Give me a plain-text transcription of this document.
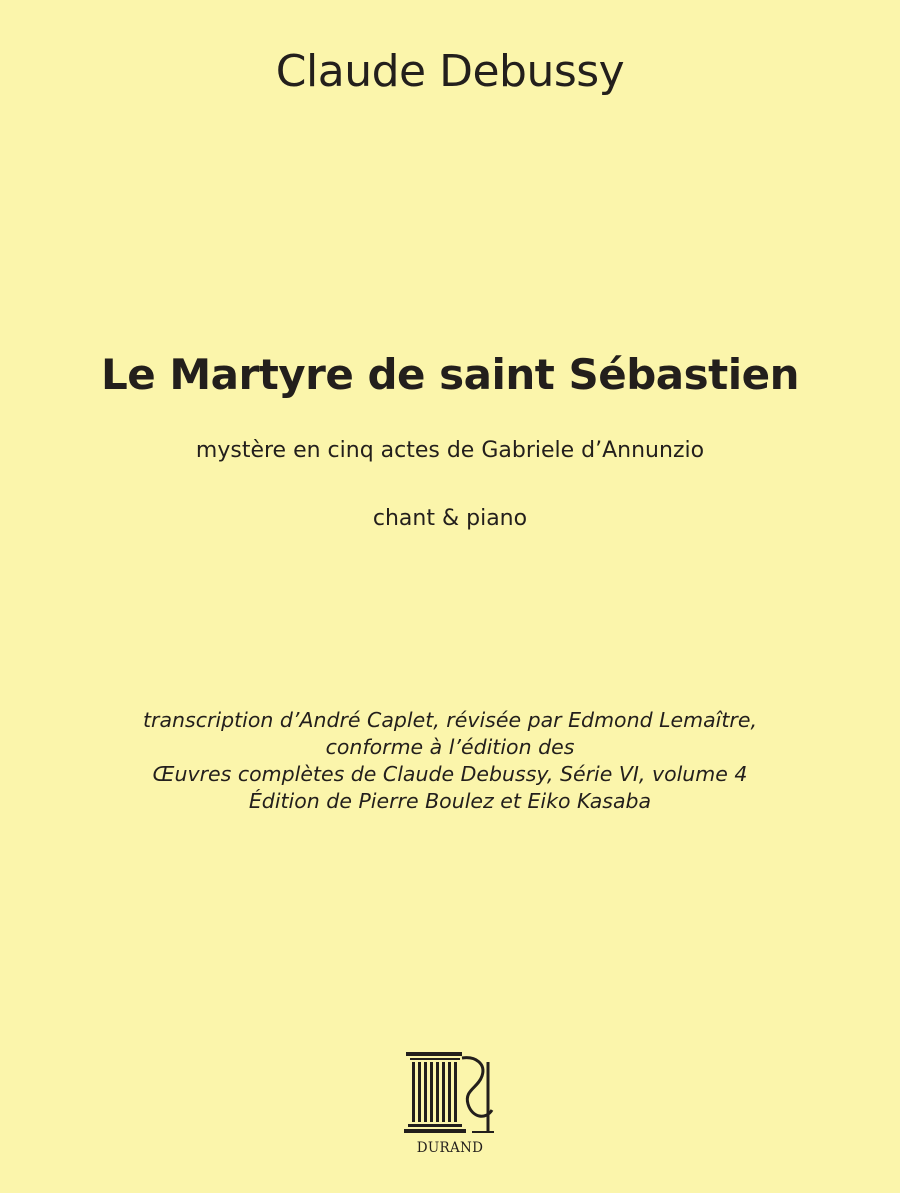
Claude Debussy
Le Martyre de saint Sébastien
mystère en cinq actes de Gabriele d’Annunzio
chant & piano
transcription d’André Caplet, révisée par Edmond Lemaître,
conforme à l’édition des
Œuvres complètes de Claude Debussy, Série VI, volume 4
Édition de Pierre Boulez et Eiko Kasaba
DURAND
